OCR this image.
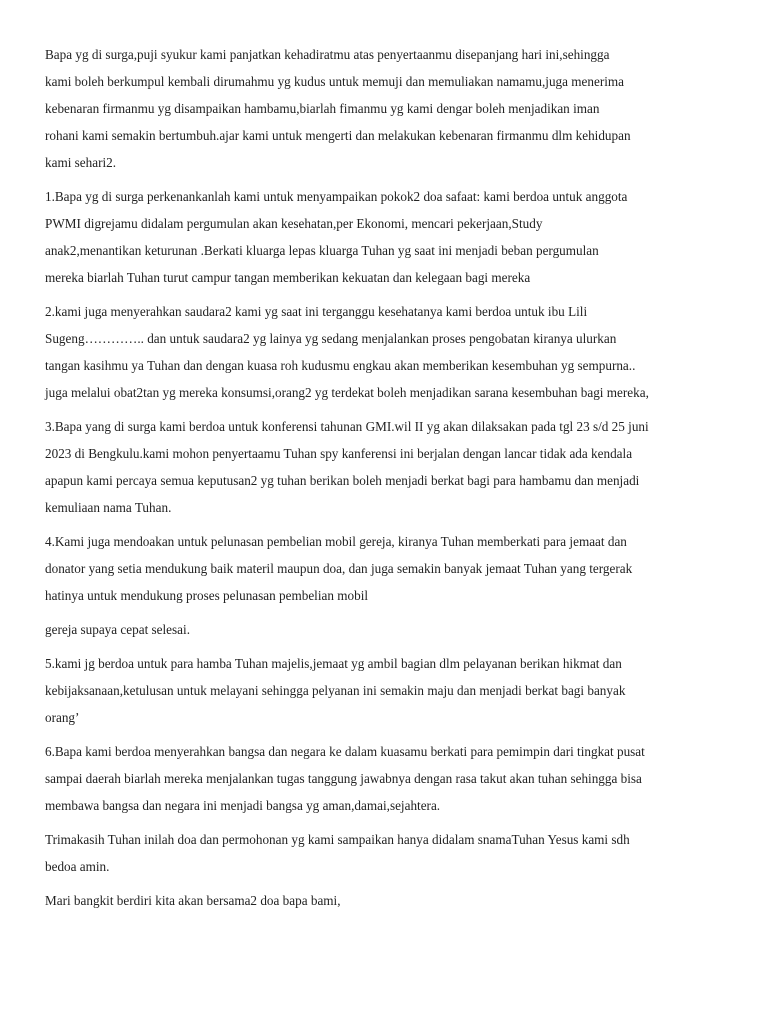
Bapa yg di surga,puji syukur kami panjatkan kehadiratmu atas penyertaanmu disepanjang hari ini,sehingga
kami boleh berkumpul kembali dirumahmu yg kudus untuk memuji dan memuliakan namamu,juga menerima
kebenaran firmanmu yg disampaikan hambamu,biarlah fimanmu yg kami dengar boleh menjadikan iman
rohani kami semakin bertumbuh.ajar kami untuk mengerti dan melakukan kebenaran firmanmu dlm kehidupan
kami sehari2.

1.Bapa yg di surga perkenankanlah kami untuk menyampaikan pokok2 doa safaat: kami berdoa untuk anggota
PWMI digrejamu didalam pergumulan akan kesehatan,per Ekonomi, mencari pekerjaan,Study
anak2,menantikan keturunan .Berkati kluarga lepas kluarga Tuhan yg saat ini menjadi beban pergumulan
mereka biarlah Tuhan turut campur tangan memberikan kekuatan dan kelegaan bagi mereka

2.kami juga menyerahkan saudara2 kami yg saat ini terganggu kesehatanya kami berdoa untuk ibu Lili
Sugeng………….. dan untuk saudara2 yg lainya yg sedang menjalankan proses pengobatan kiranya ulurkan
tangan kasihmu ya Tuhan dan dengan kuasa roh kudusmu engkau akan memberikan kesembuhan yg sempurna..
juga melalui obat2tan yg mereka konsumsi,orang2 yg terdekat boleh menjadikan sarana kesembuhan bagi mereka,

3.Bapa yang di surga kami berdoa untuk konferensi tahunan GMI.wil II yg akan dilaksakan pada tgl 23 s/d 25 juni
2023 di Bengkulu.kami mohon penyertaamu Tuhan spy kanferensi ini berjalan dengan lancar tidak ada kendala
apapun kami percaya semua keputusan2 yg tuhan berikan boleh menjadi berkat bagi para hambamu dan menjadi
kemuliaan nama Tuhan.

4.Kami juga mendoakan untuk pelunasan pembelian mobil gereja, kiranya Tuhan memberkati para jemaat dan
donator yang setia mendukung baik materil maupun doa, dan juga semakin banyak jemaat Tuhan yang tergerak
hatinya untuk mendukung proses pelunasan pembelian mobil

gereja supaya cepat selesai.

5.kami jg berdoa untuk para hamba Tuhan majelis,jemaat yg ambil bagian dlm pelayanan berikan hikmat dan
kebijaksanaan,ketulusan untuk melayani sehingga pelyanan ini semakin maju dan menjadi berkat bagi banyak
orang’

6.Bapa kami berdoa menyerahkan bangsa dan negara ke dalam kuasamu berkati para pemimpin dari tingkat pusat
sampai daerah biarlah mereka menjalankan tugas tanggung jawabnya dengan rasa takut akan tuhan sehingga bisa
membawa bangsa dan negara ini menjadi bangsa yg aman,damai,sejahtera.

Trimakasih Tuhan inilah doa dan permohonan yg kami sampaikan hanya didalam snamaTuhan Yesus kami sdh
bedoa amin.

Mari bangkit berdiri kita akan bersama2 doa bapa bami,
